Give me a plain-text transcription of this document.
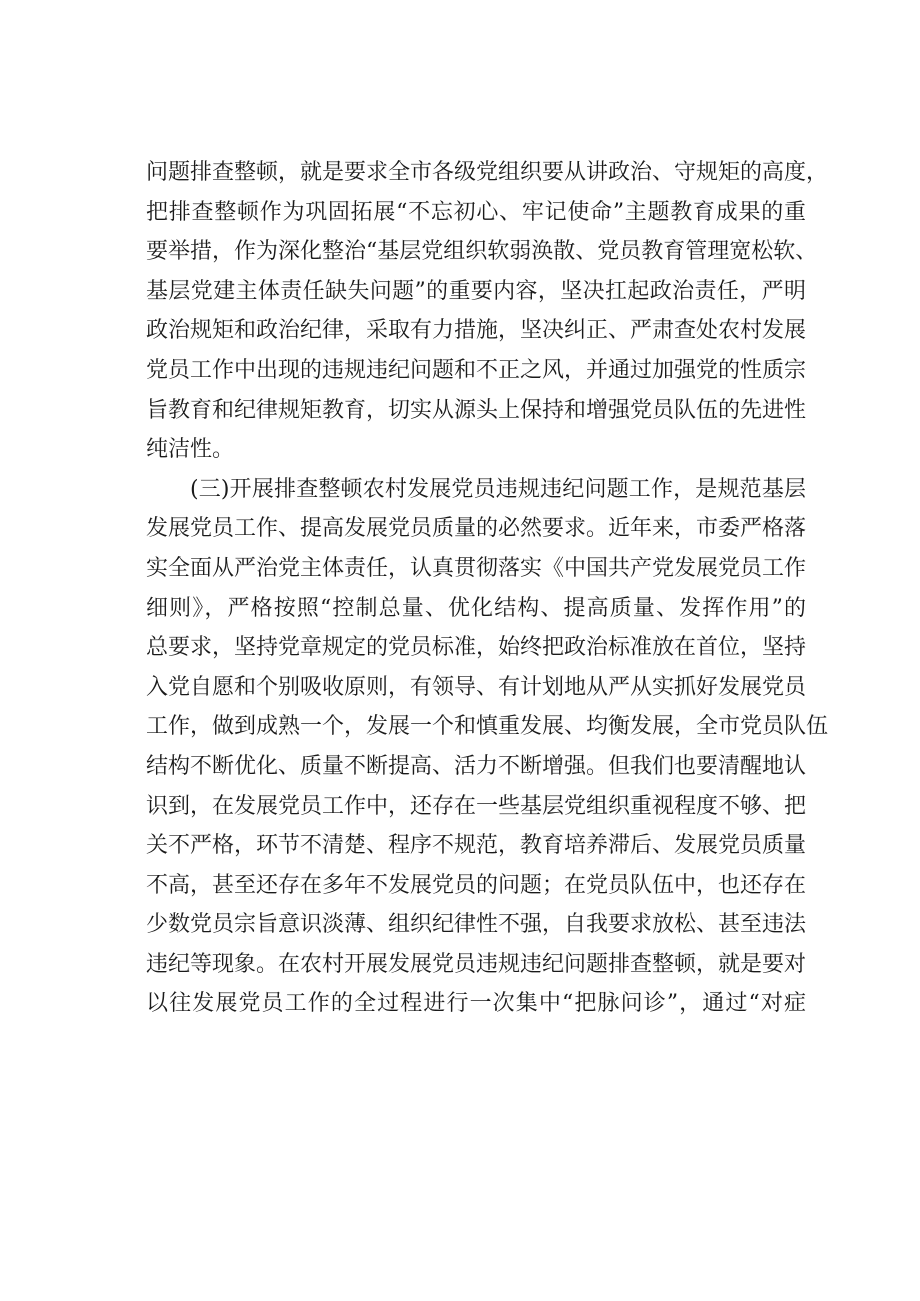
问题排查整顿，就是要求全市各级党组织要从讲政治、守规矩的高度，
把排查整顿作为巩固拓展“不忘初心、牢记使命”主题教育成果的重
要举措，作为深化整治“基层党组织软弱涣散、党员教育管理宽松软、
基层党建主体责任缺失问题”的重要内容，坚决扛起政治责任，严明
政治规矩和政治纪律，采取有力措施，坚决纠正、严肃查处农村发展
党员工作中出现的违规违纪问题和不正之风，并通过加强党的性质宗
旨教育和纪律规矩教育，切实从源头上保持和增强党员队伍的先进性
纯洁性。
(三)开展排查整顿农村发展党员违规违纪问题工作，是规范基层
发展党员工作、提高发展党员质量的必然要求。近年来，市委严格落
实全面从严治党主体责任，认真贯彻落实《中国共产党发展党员工作
细则》，严格按照“控制总量、优化结构、提高质量、发挥作用”的
总要求，坚持党章规定的党员标准，始终把政治标准放在首位，坚持
入党自愿和个别吸收原则，有领导、有计划地从严从实抓好发展党员
工作，做到成熟一个，发展一个和慎重发展、均衡发展，全市党员队伍
结构不断优化、质量不断提高、活力不断增强。但我们也要清醒地认
识到，在发展党员工作中，还存在一些基层党组织重视程度不够、把
关不严格，环节不清楚、程序不规范，教育培养滞后、发展党员质量
不高，甚至还存在多年不发展党员的问题；在党员队伍中，也还存在
少数党员宗旨意识淡薄、组织纪律性不强，自我要求放松、甚至违法
违纪等现象。在农村开展发展党员违规违纪问题排查整顿，就是要对
以往发展党员工作的全过程进行一次集中“把脉问诊”，通过“对症
